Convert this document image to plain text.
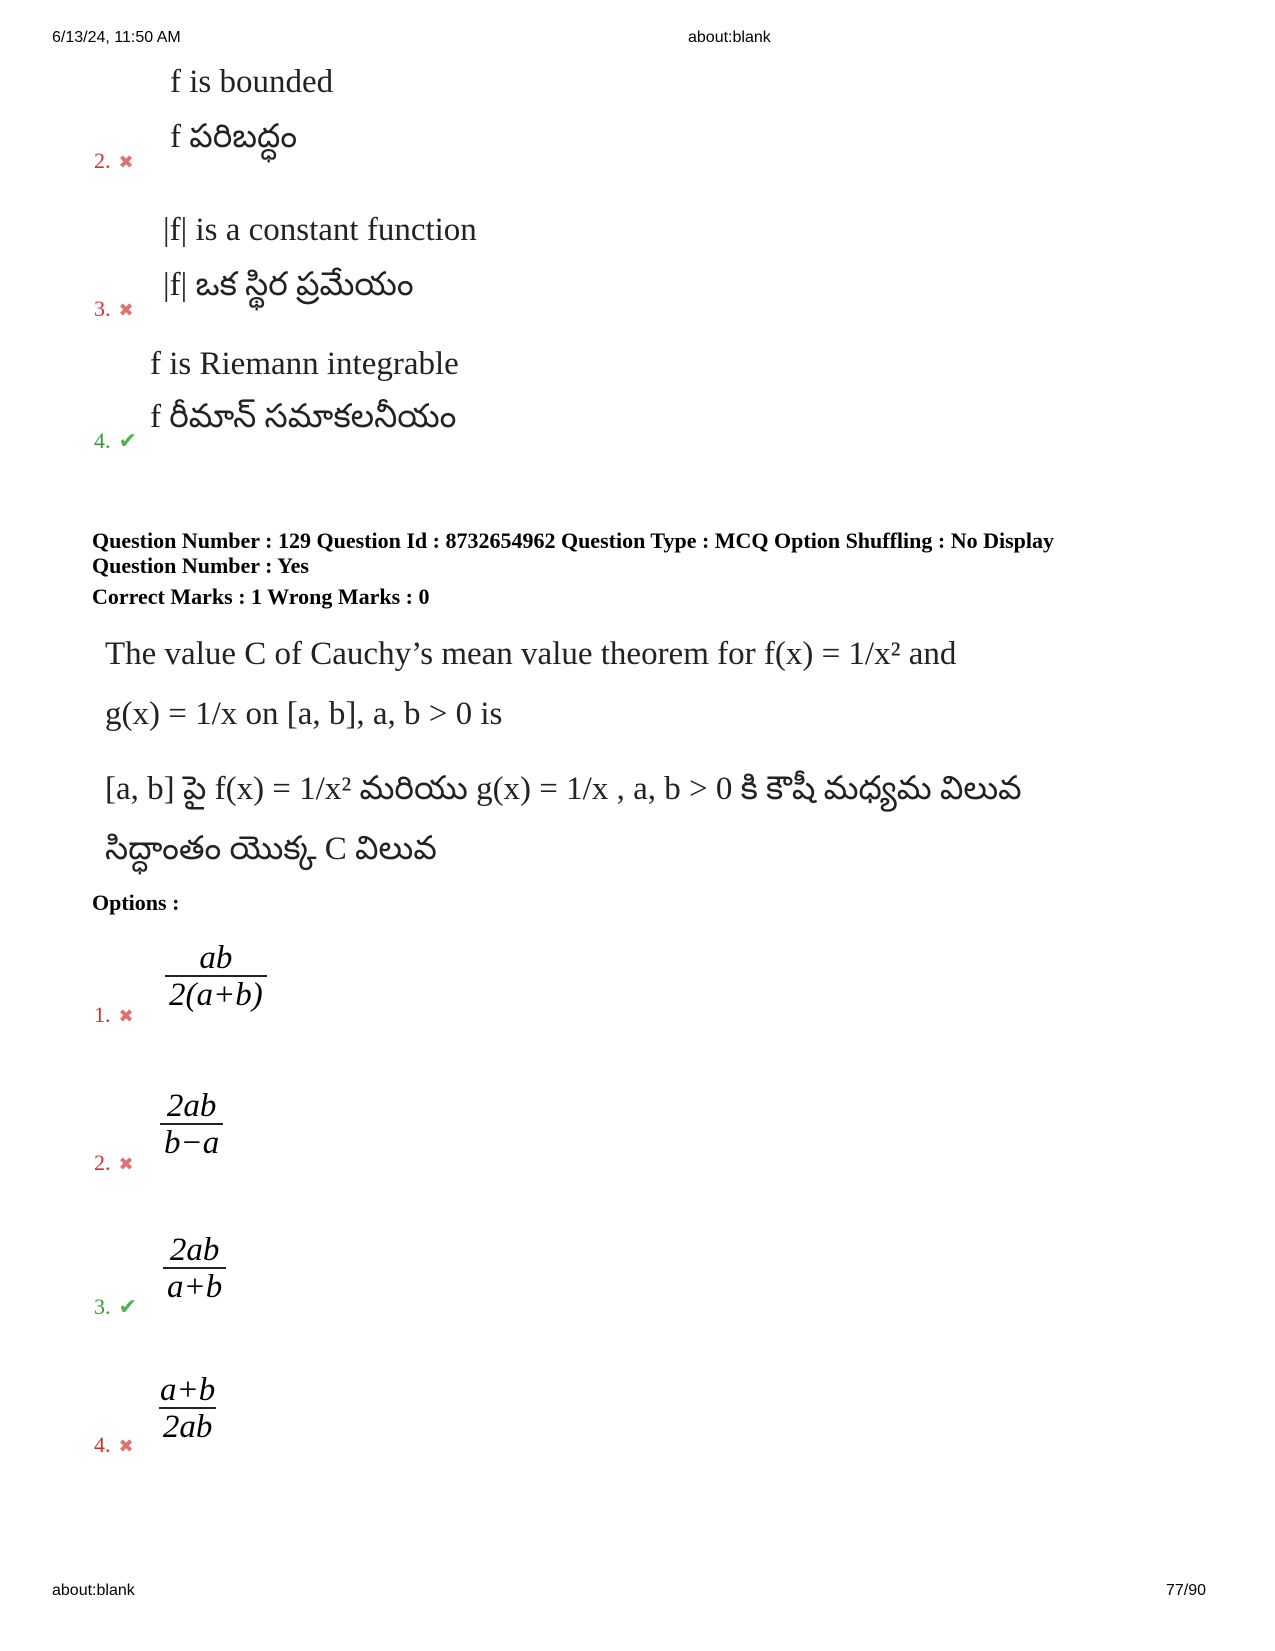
6/13/24, 11:50 AM	about:blank
f is bounded
f పరిబద్ధం
2. ✖
|f| is a constant function
|f| ఒక స్థిర ప్రమేయం
3. ✖
f is Riemann integrable
f రీమాన్ సమాకలనీయం
4. ✔
Question Number : 129 Question Id : 8732654962 Question Type : MCQ Option Shuffling : No Display
Question Number : Yes
Correct Marks : 1 Wrong Marks : 0
The value C of Cauchy’s mean value theorem for f(x) = 1/x² and
g(x) = 1/x on [a, b], a, b > 0 is
[a, b] పై f(x) = 1/x² మరియు g(x) = 1/x , a, b > 0 కి కౌషీ మధ్యమ విలువ
సిద్ధాంతం యొక్క C విలువ
Options :
$\frac{ab}{2(a+b)}$
1. ✖
$\frac{2ab}{b-a}$
2. ✖
$\frac{2ab}{a+b}$
3. ✔
$\frac{a+b}{2ab}$
4. ✖
about:blank	77/90
